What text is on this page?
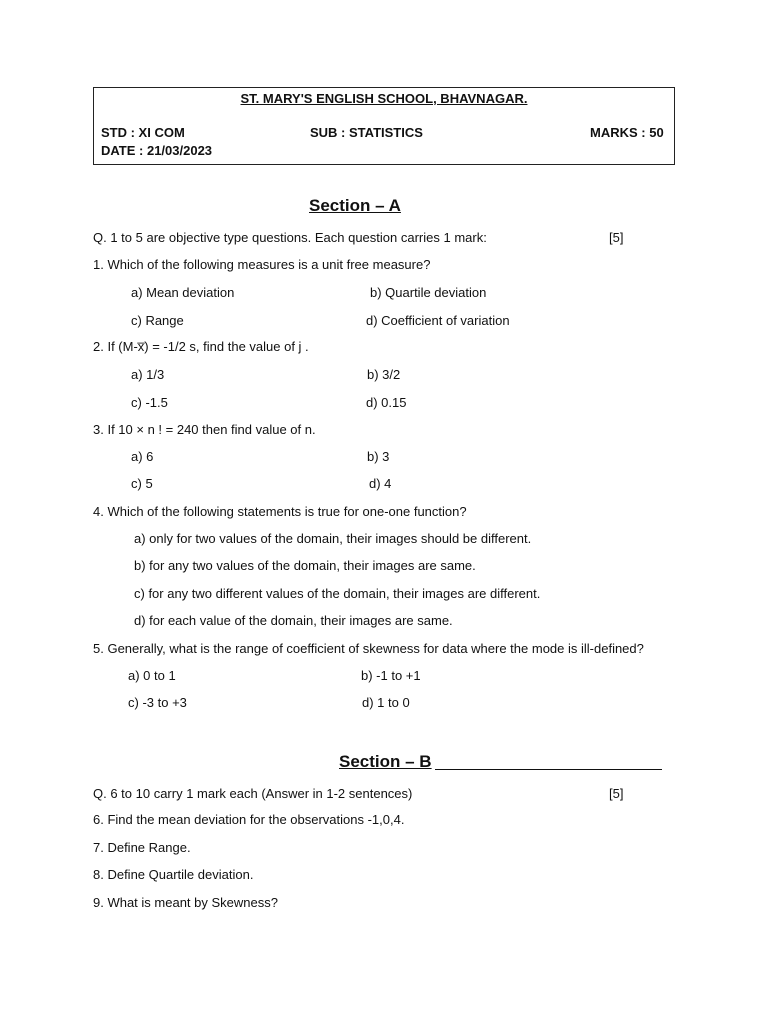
ST. MARY'S ENGLISH SCHOOL, BHAVNAGAR.
STD : XI COM	SUB : STATISTICS	MARKS : 50
DATE : 21/03/2023
Section – A
Q. 1 to 5 are objective type questions. Each question carries 1 mark:	[5]
1. Which of the following measures is a unit free measure?
a) Mean deviation	b) Quartile deviation
c) Range	d) Coefficient of variation
2. If (M-x̅) = -1/2 s, find the value of j .
a) 1/3	b) 3/2
c) -1.5	d) 0.15
3. If 10 × n ! = 240 then find value of n.
a) 6	b) 3
c) 5	d) 4
4. Which of the following statements is true for one-one function?
a) only for two values of the domain, their images should be different.
b) for any two values of the domain, their images are same.
c) for any two different values of the domain, their images are different.
d) for each value of the domain, their images are same.
5. Generally, what is the range of coefficient of skewness for data where the mode is ill-defined?
a) 0 to 1	b) -1 to +1
c) -3 to +3	d) 1 to 0
Section – B
Q. 6 to 10 carry 1 mark each (Answer in 1-2 sentences)	[5]
6. Find the mean deviation for the observations -1,0,4.
7. Define Range.
8. Define Quartile deviation.
9. What is meant by Skewness?
